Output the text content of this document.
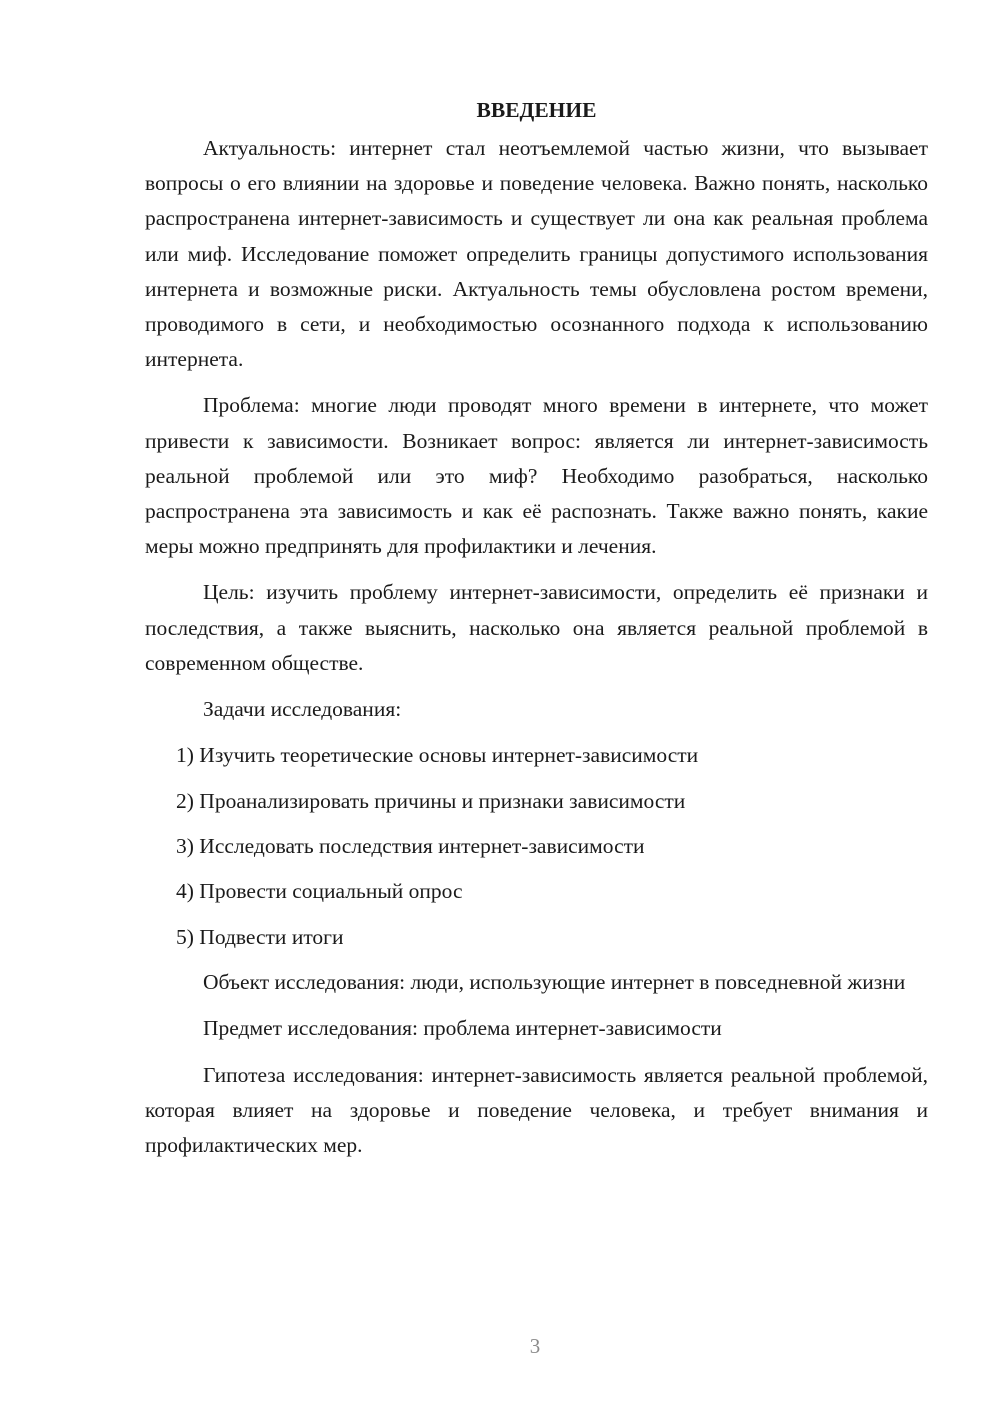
ВВЕДЕНИЕ

Актуальность: интернет стал неотъемлемой частью жизни, что вызывает вопросы о его влиянии на здоровье и поведение человека. Важно понять, насколько распространена интернет-зависимость и существует ли она как реальная проблема или миф. Исследование поможет определить границы допустимого использования интернета и возможные риски. Актуальность темы обусловлена ростом времени, проводимого в сети, и необходимостью осознанного подхода к использованию интернета.

Проблема: многие люди проводят много времени в интернете, что может привести к зависимости. Возникает вопрос: является ли интернет-зависимость реальной проблемой или это миф? Необходимо разобраться, насколько распространена эта зависимость и как её распознать. Также важно понять, какие меры можно предпринять для профилактики и лечения.

Цель: изучить проблему интернет-зависимости, определить её признаки и последствия, а также выяснить, насколько она является реальной проблемой в современном обществе.

Задачи исследования:

1) Изучить теоретические основы интернет-зависимости
2) Проанализировать причины и признаки зависимости
3) Исследовать последствия интернет-зависимости
4) Провести социальный опрос
5) Подвести итоги

Объект исследования: люди, использующие интернет в повседневной жизни

Предмет исследования: проблема интернет-зависимости

Гипотеза исследования: интернет-зависимость является реальной проблемой, которая влияет на здоровье и поведение человека, и требует внимания и профилактических мер.

3
